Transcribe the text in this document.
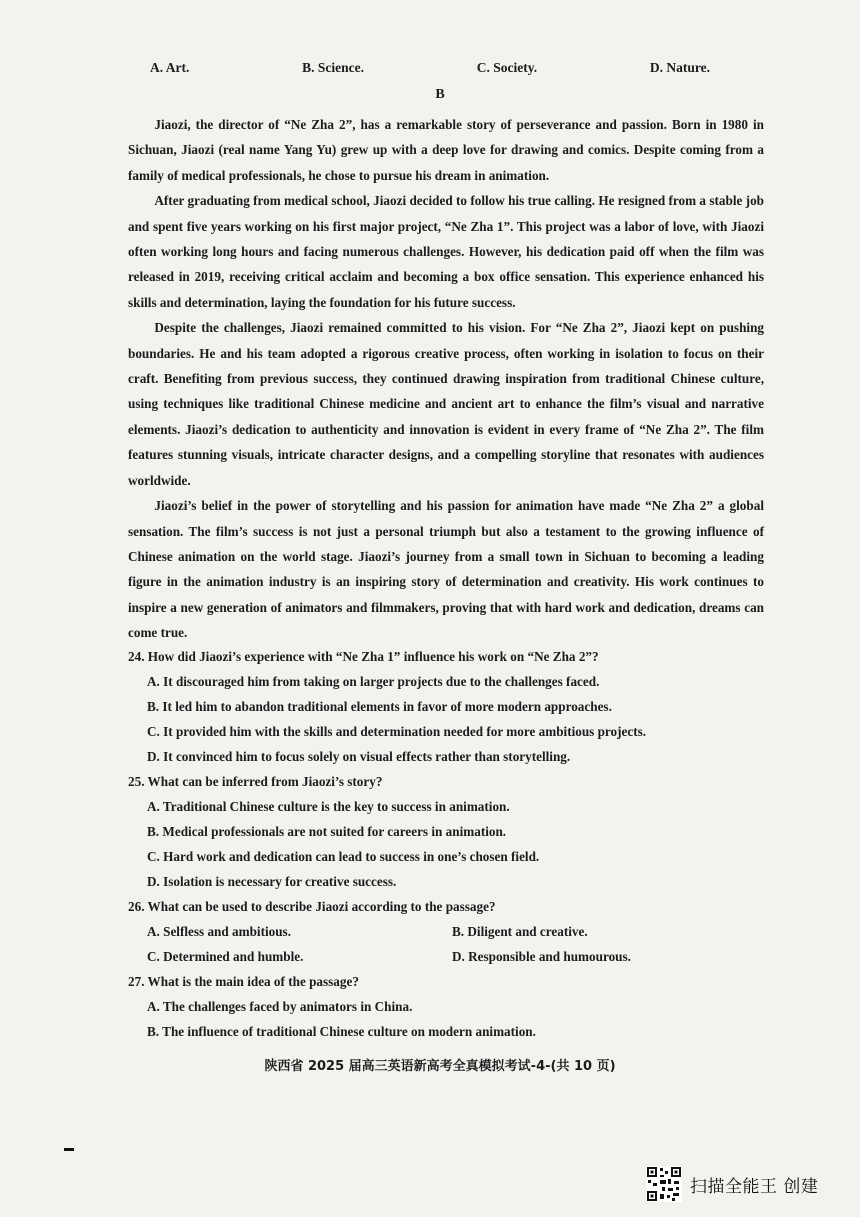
A. Art.	B. Science.	C. Society.	D. Nature.
B

Jiaozi, the director of “Ne Zha 2”, has a remarkable story of perseverance and passion. Born in 1980 in Sichuan, Jiaozi (real name Yang Yu) grew up with a deep love for drawing and comics. Despite coming from a family of medical professionals, he chose to pursue his dream in animation.

After graduating from medical school, Jiaozi decided to follow his true calling. He resigned from a stable job and spent five years working on his first major project, “Ne Zha 1”. This project was a labor of love, with Jiaozi often working long hours and facing numerous challenges. However, his dedication paid off when the film was released in 2019, receiving critical acclaim and becoming a box office sensation. This experience enhanced his skills and determination, laying the foundation for his future success.

Despite the challenges, Jiaozi remained committed to his vision. For “Ne Zha 2”, Jiaozi kept on pushing boundaries. He and his team adopted a rigorous creative process, often working in isolation to focus on their craft. Benefiting from previous success, they continued drawing inspiration from traditional Chinese culture, using techniques like traditional Chinese medicine and ancient art to enhance the film’s visual and narrative elements. Jiaozi’s dedication to authenticity and innovation is evident in every frame of “Ne Zha 2”. The film features stunning visuals, intricate character designs, and a compelling storyline that resonates with audiences worldwide.

Jiaozi’s belief in the power of storytelling and his passion for animation have made “Ne Zha 2” a global sensation. The film’s success is not just a personal triumph but also a testament to the growing influence of Chinese animation on the world stage. Jiaozi’s journey from a small town in Sichuan to becoming a leading figure in the animation industry is an inspiring story of determination and creativity. His work continues to inspire a new generation of animators and filmmakers, proving that with hard work and dedication, dreams can come true.

24. How did Jiaozi’s experience with “Ne Zha 1” influence his work on “Ne Zha 2”?
A. It discouraged him from taking on larger projects due to the challenges faced.
B. It led him to abandon traditional elements in favor of more modern approaches.
C. It provided him with the skills and determination needed for more ambitious projects.
D. It convinced him to focus solely on visual effects rather than storytelling.
25. What can be inferred from Jiaozi’s story?
A. Traditional Chinese culture is the key to success in animation.
B. Medical professionals are not suited for careers in animation.
C. Hard work and dedication can lead to success in one’s chosen field.
D. Isolation is necessary for creative success.
26. What can be used to describe Jiaozi according to the passage?
A. Selfless and ambitious.	B. Diligent and creative.
C. Determined and humble.	D. Responsible and humourous.
27. What is the main idea of the passage?
A. The challenges faced by animators in China.
B. The influence of traditional Chinese culture on modern animation.
陕西省 2025 届高三英语新高考全真模拟考试-4-(共 10 页)
扫描全能王 创建
